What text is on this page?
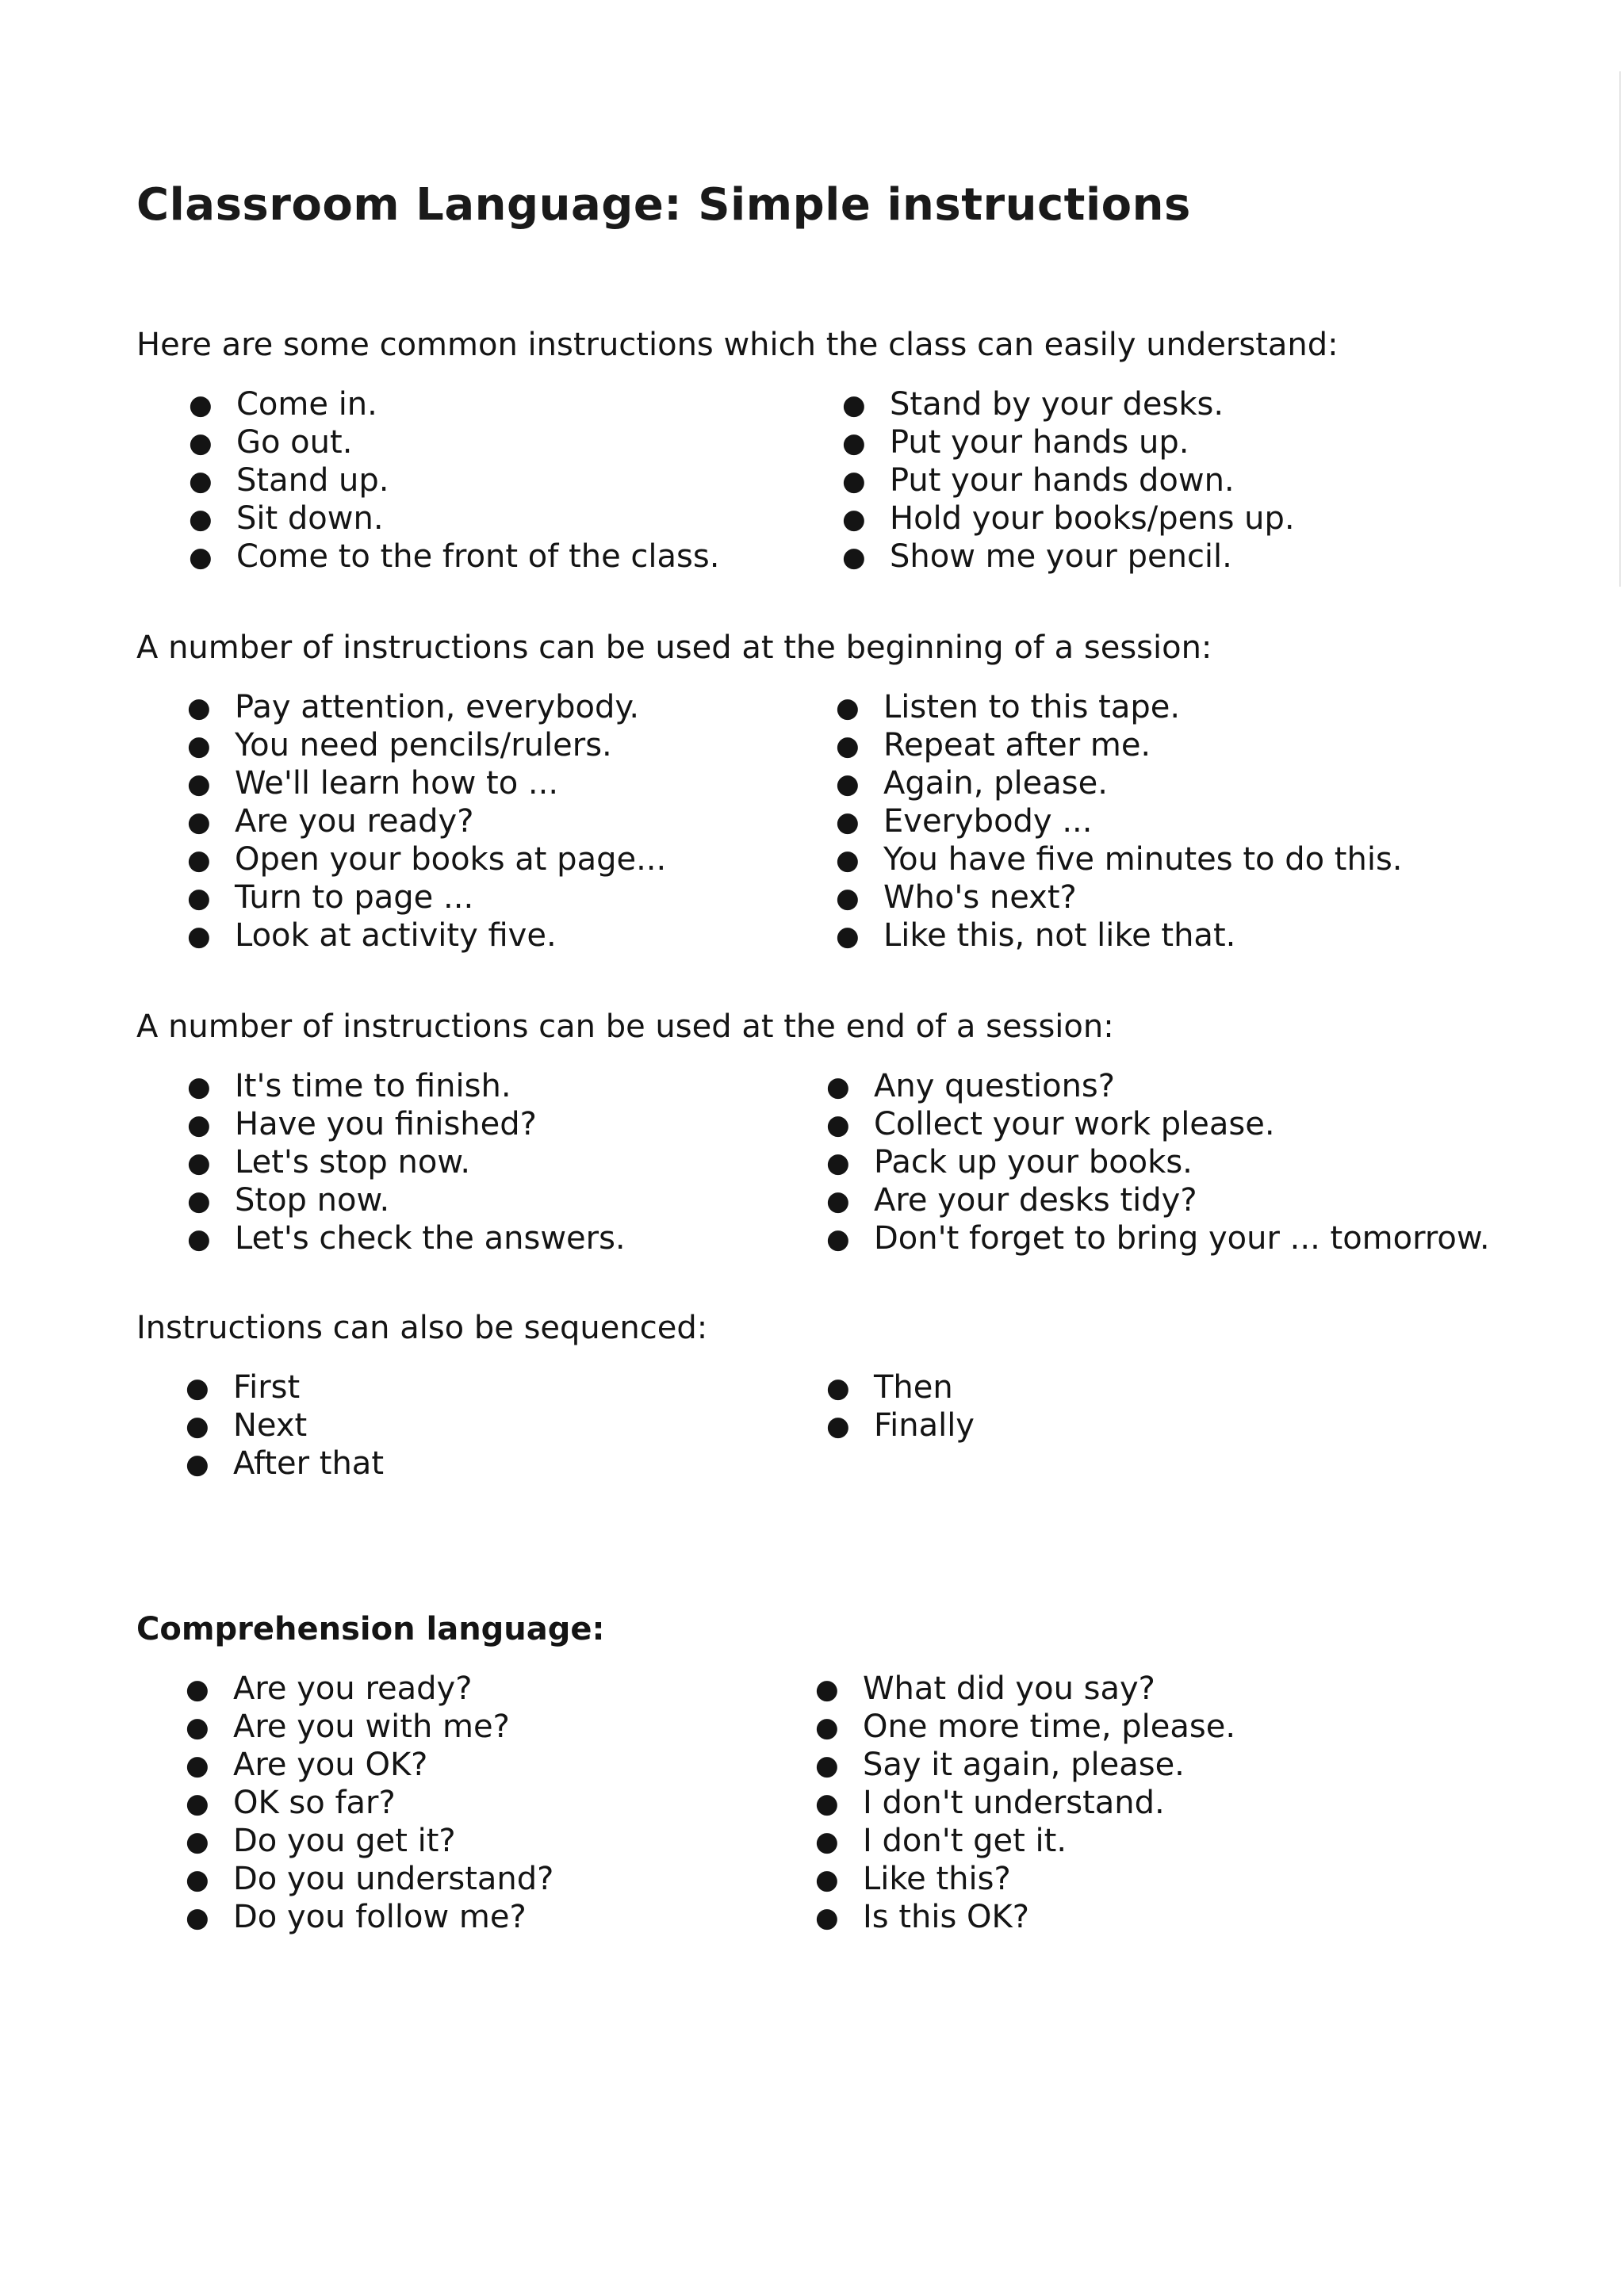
Classroom Language: Simple instructions

Here are some common instructions which the class can easily understand:

● Come in.
● Go out.
● Stand up.
● Sit down.
● Come to the front of the class.
● Stand by your desks.
● Put your hands up.
● Put your hands down.
● Hold your books/pens up.
● Show me your pencil.

A number of instructions can be used at the beginning of a session:

● Pay attention, everybody.
● You need pencils/rulers.
● We'll learn how to ...
● Are you ready?
● Open your books at page...
● Turn to page ...
● Look at activity five.
● Listen to this tape.
● Repeat after me.
● Again, please.
● Everybody ...
● You have five minutes to do this.
● Who's next?
● Like this, not like that.

A number of instructions can be used at the end of a session:

● It's time to finish.
● Have you finished?
● Let's stop now.
● Stop now.
● Let's check the answers.
● Any questions?
● Collect your work please.
● Pack up your books.
● Are your desks tidy?
● Don't forget to bring your ... tomorrow.

Instructions can also be sequenced:

● First
● Next
● After that
● Then
● Finally

Comprehension language:

● Are you ready?
● Are you with me?
● Are you OK?
● OK so far?
● Do you get it?
● Do you understand?
● Do you follow me?
● What did you say?
● One more time, please.
● Say it again, please.
● I don't understand.
● I don't get it.
● Like this?
● Is this OK?
